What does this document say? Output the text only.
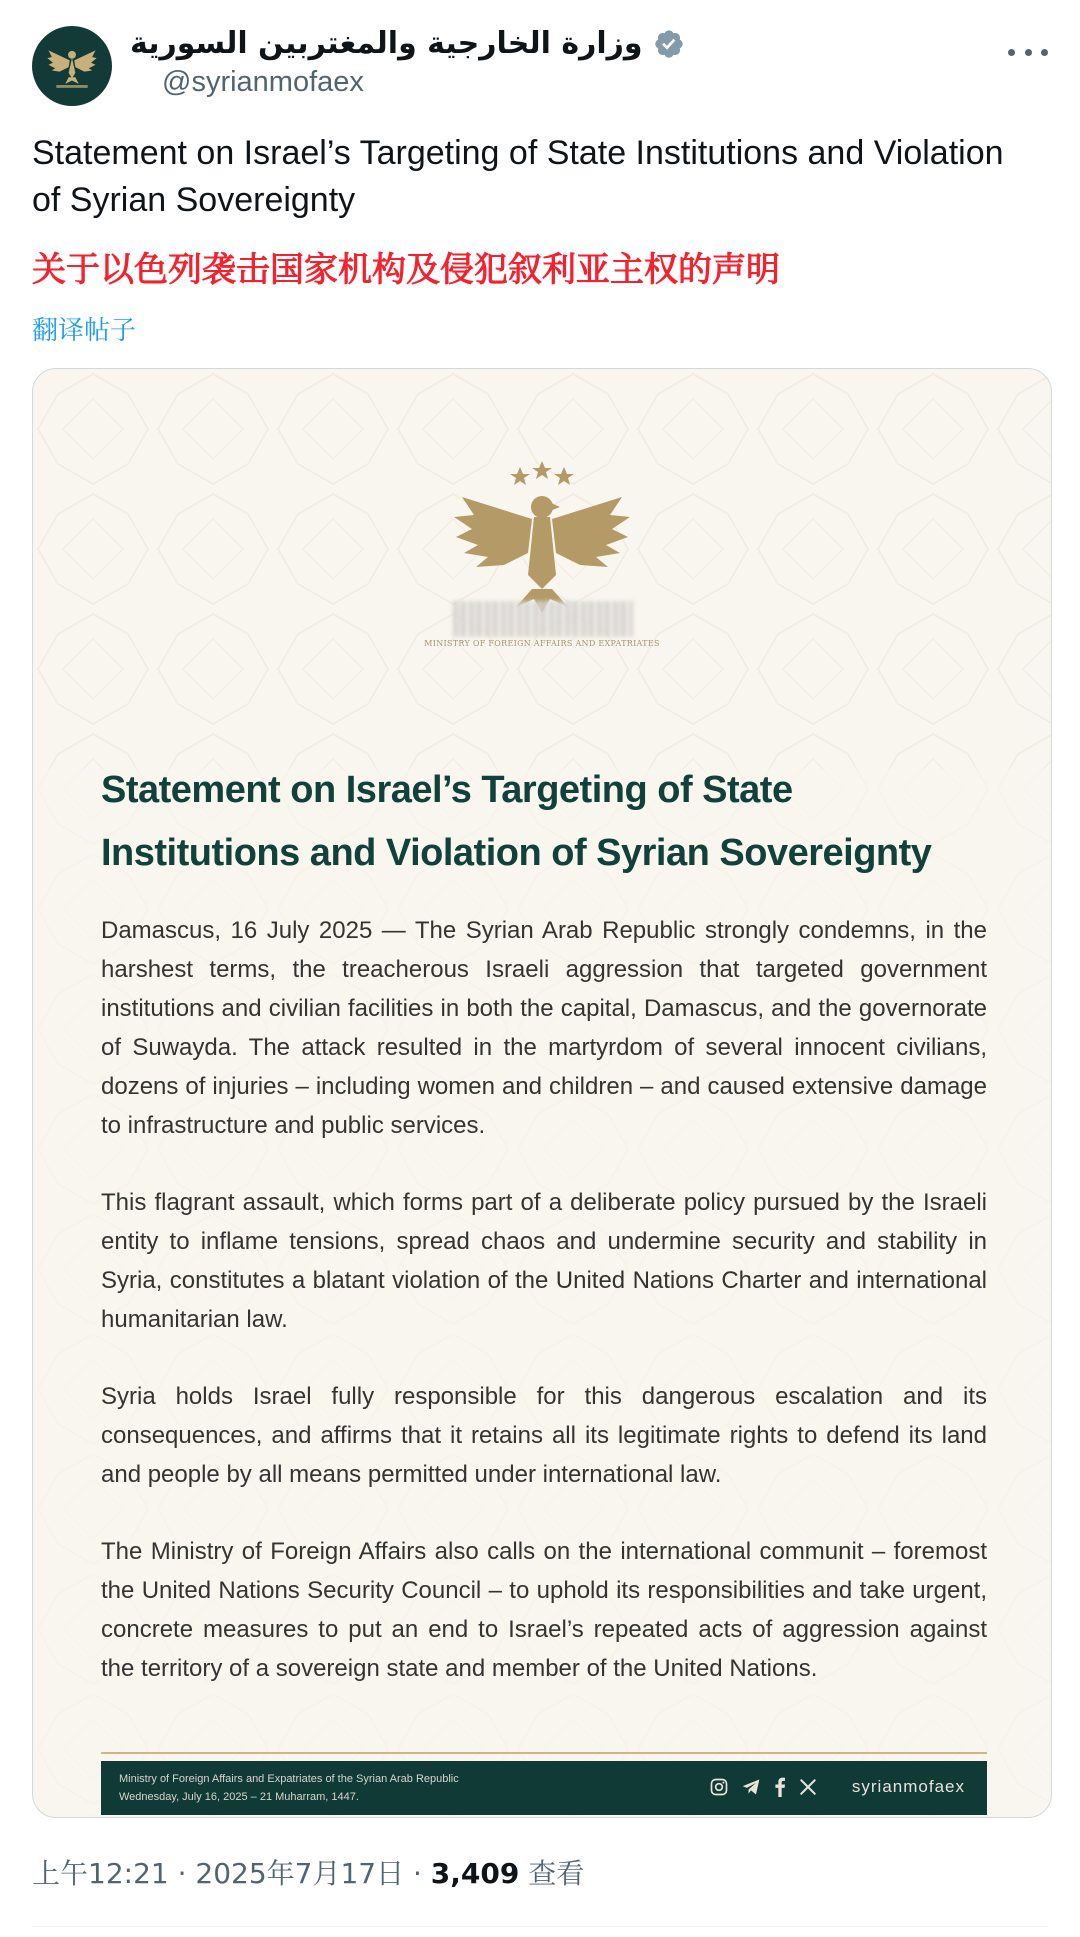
وزارة الخارجية والمغتربين السورية
@syrianmofaex
Statement on Israel’s Targeting of State Institutions and Violation of Syrian Sovereignty
关于以色列袭击国家机构及侵犯叙利亚主权的声明
翻译帖子
MINISTRY OF FOREIGN AFFAIRS AND EXPATRIATES
Statement on Israel’s Targeting of State Institutions and Violation of Syrian Sovereignty

Damascus, 16 July 2025 — The Syrian Arab Republic strongly condemns, in the harshest terms, the treacherous Israeli aggression that targeted government institutions and civilian facilities in both the capital, Damascus, and the governorate of Suwayda. The attack resulted in the martyrdom of several innocent civilians, dozens of injuries – including women and children – and caused extensive damage to infrastructure and public services.

This flagrant assault, which forms part of a deliberate policy pursued by the Israeli entity to inflame tensions, spread chaos and undermine security and stability in Syria, constitutes a blatant violation of the United Nations Charter and international humanitarian law.

Syria holds Israel fully responsible for this dangerous escalation and its consequences, and affirms that it retains all its legitimate rights to defend its land and people by all means permitted under international law.

The Ministry of Foreign Affairs also calls on the international communit – foremost the United Nations Security Council – to uphold its responsibilities and take urgent, concrete measures to put an end to Israel’s repeated acts of aggression against the territory of a sovereign state and member of the United Nations.

Ministry of Foreign Affairs and Expatriates of the Syrian Arab Republic
Wednesday, July 16, 2025 – 21 Muharram, 1447.
syrianmofaex
上午12:21 · 2025年7月17日 · 3,409 查看
